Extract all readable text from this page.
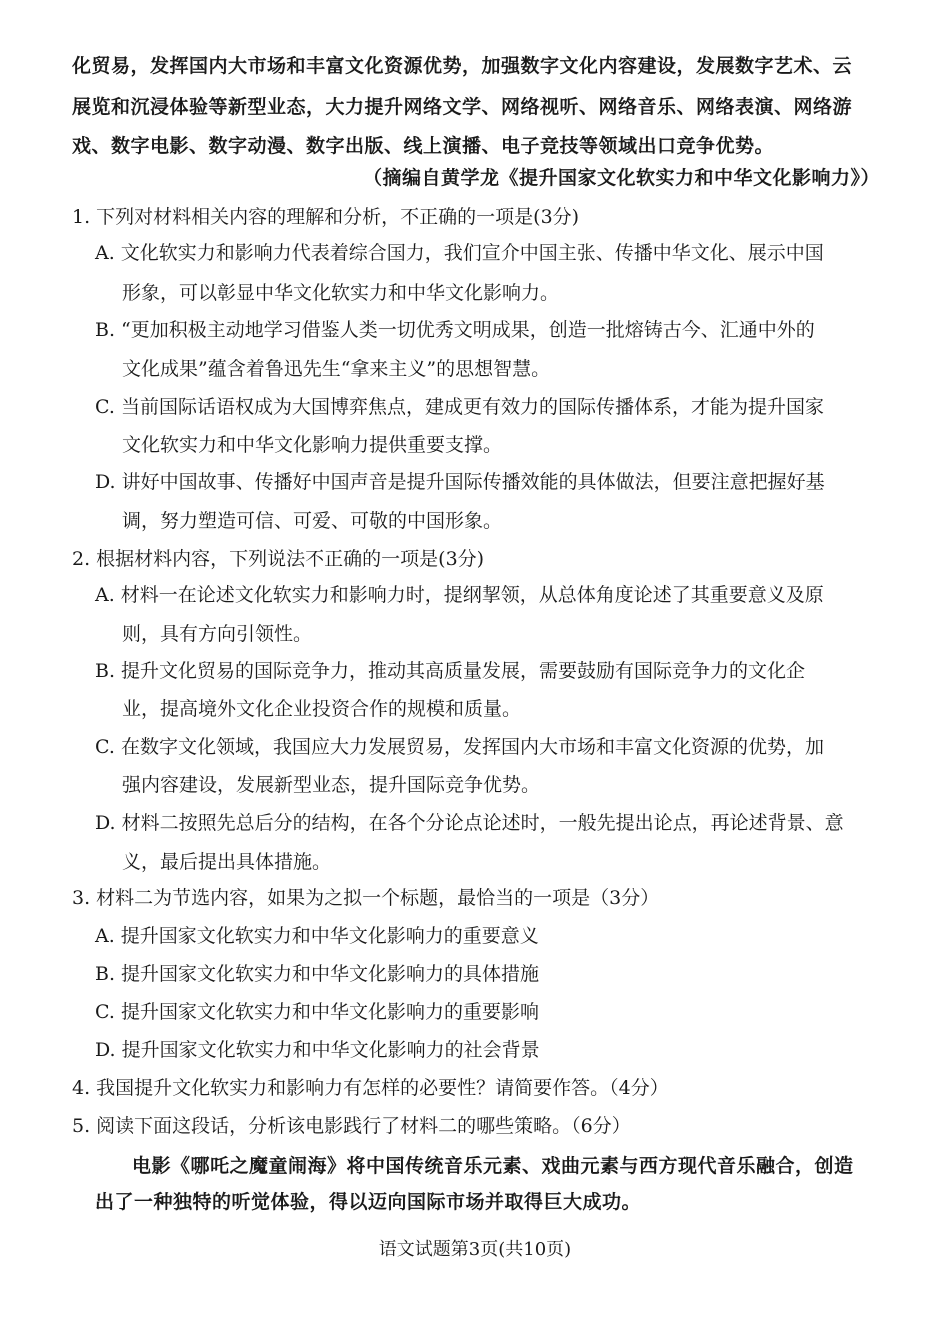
化贸易，发挥国内大市场和丰富文化资源优势，加强数字文化内容建设，发展数字艺术、云
展览和沉浸体验等新型业态，大力提升网络文学、网络视听、网络音乐、网络表演、网络游
戏、数字电影、数字动漫、数字出版、线上演播、电子竞技等领域出口竞争优势。
（摘编自黄学龙《提升国家文化软实力和中华文化影响力》）
1. 下列对材料相关内容的理解和分析，不正确的一项是(3分)
A. 文化软实力和影响力代表着综合国力，我们宣介中国主张、传播中华文化、展示中国
形象，可以彰显中华文化软实力和中华文化影响力。
B. “更加积极主动地学习借鉴人类一切优秀文明成果，创造一批熔铸古今、汇通中外的
文化成果”蕴含着鲁迅先生“拿来主义”的思想智慧。
C. 当前国际话语权成为大国博弈焦点，建成更有效力的国际传播体系，才能为提升国家
文化软实力和中华文化影响力提供重要支撑。
D. 讲好中国故事、传播好中国声音是提升国际传播效能的具体做法，但要注意把握好基
调，努力塑造可信、可爱、可敬的中国形象。
2. 根据材料内容，下列说法不正确的一项是(3分)
A. 材料一在论述文化软实力和影响力时，提纲挈领，从总体角度论述了其重要意义及原
则，具有方向引领性。
B. 提升文化贸易的国际竞争力，推动其高质量发展，需要鼓励有国际竞争力的文化企
业，提高境外文化企业投资合作的规模和质量。
C. 在数字文化领域，我国应大力发展贸易，发挥国内大市场和丰富文化资源的优势，加
强内容建设，发展新型业态，提升国际竞争优势。
D. 材料二按照先总后分的结构，在各个分论点论述时，一般先提出论点，再论述背景、意
义，最后提出具体措施。
3. 材料二为节选内容，如果为之拟一个标题，最恰当的一项是（3分）
A. 提升国家文化软实力和中华文化影响力的重要意义
B. 提升国家文化软实力和中华文化影响力的具体措施
C. 提升国家文化软实力和中华文化影响力的重要影响
D. 提升国家文化软实力和中华文化影响力的社会背景
4. 我国提升文化软实力和影响力有怎样的必要性？请简要作答。（4分）
5. 阅读下面这段话，分析该电影践行了材料二的哪些策略。（6分）
电影《哪吒之魔童闹海》将中国传统音乐元素、戏曲元素与西方现代音乐融合，创造
出了一种独特的听觉体验，得以迈向国际市场并取得巨大成功。
语文试题第3页(共10页)
